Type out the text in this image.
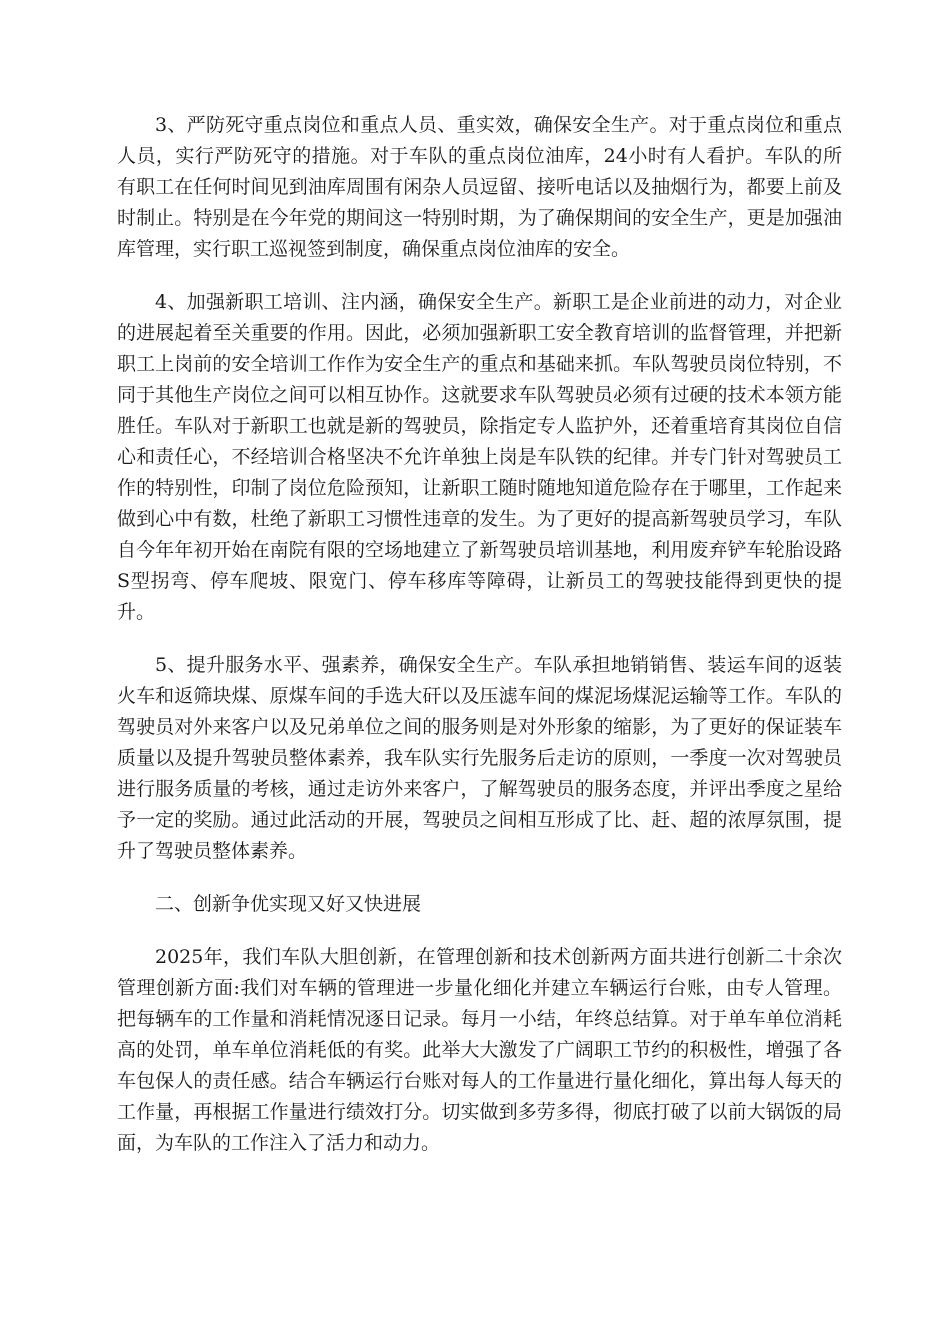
3、严防死守重点岗位和重点人员、重实效，确保安全生产。对于重点岗位和重点人员，实行严防死守的措施。对于车队的重点岗位油库，24小时有人看护。车队的所有职工在任何时间见到油库周围有闲杂人员逗留、接听电话以及抽烟行为，都要上前及时制止。特别是在今年党的期间这一特别时期，为了确保期间的安全生产，更是加强油库管理，实行职工巡视签到制度，确保重点岗位油库的安全。

4、加强新职工培训、注内涵，确保安全生产。新职工是企业前进的动力，对企业的进展起着至关重要的作用。因此，必须加强新职工安全教育培训的监督管理，并把新职工上岗前的安全培训工作作为安全生产的重点和基础来抓。车队驾驶员岗位特别，不同于其他生产岗位之间可以相互协作。这就要求车队驾驶员必须有过硬的技术本领方能胜任。车队对于新职工也就是新的驾驶员，除指定专人监护外，还着重培育其岗位自信心和责任心，不经培训合格坚决不允许单独上岗是车队铁的纪律。并专门针对驾驶员工作的特别性，印制了岗位危险预知，让新职工随时随地知道危险存在于哪里，工作起来做到心中有数，杜绝了新职工习惯性违章的发生。为了更好的提高新驾驶员学习，车队自今年年初开始在南院有限的空场地建立了新驾驶员培训基地，利用废弃铲车轮胎设路S型拐弯、停车爬坡、限宽门、停车移库等障碍，让新员工的驾驶技能得到更快的提升。

5、提升服务水平、强素养，确保安全生产。车队承担地销销售、装运车间的返装火车和返筛块煤、原煤车间的手选大矸以及压滤车间的煤泥场煤泥运输等工作。车队的驾驶员对外来客户以及兄弟单位之间的服务则是对外形象的缩影，为了更好的保证装车质量以及提升驾驶员整体素养，我车队实行先服务后走访的原则，一季度一次对驾驶员进行服务质量的考核，通过走访外来客户，了解驾驶员的服务态度，并评出季度之星给予一定的奖励。通过此活动的开展，驾驶员之间相互形成了比、赶、超的浓厚氛围，提升了驾驶员整体素养。

二、创新争优实现又好又快进展

2025年，我们车队大胆创新，在管理创新和技术创新两方面共进行创新二十余次管理创新方面:我们对车辆的管理进一步量化细化并建立车辆运行台账，由专人管理。把每辆车的工作量和消耗情况逐日记录。每月一小结，年终总结算。对于单车单位消耗高的处罚，单车单位消耗低的有奖。此举大大激发了广阔职工节约的积极性，增强了各车包保人的责任感。结合车辆运行台账对每人的工作量进行量化细化，算出每人每天的工作量，再根据工作量进行绩效打分。切实做到多劳多得，彻底打破了以前大锅饭的局面，为车队的工作注入了活力和动力。
